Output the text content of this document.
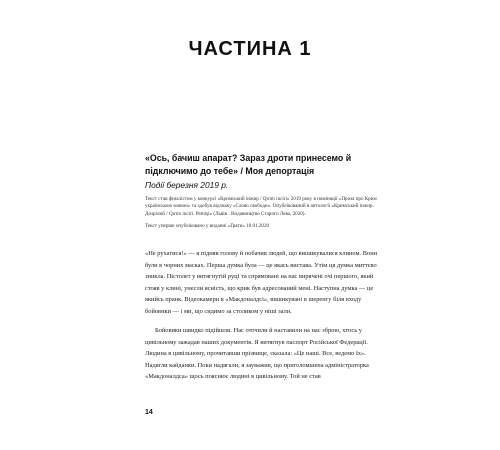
ЧАСТИНА 1
«Ось, бачиш апарат? Зараз дроти принесемо й підключимо до тебе» / Моя депортація
Події березня 2019 р.
Текст став фіналістом у конкурсі «Кримський інжир / Qırım inciri» 2019 року в номінації «Проза про Крим українською мовою» та здобув відзнаку «Слово свободи». Опублікований в антології «Кримський інжир. Дозрілий / Qırım inciri. Pemişi» (Львів : Видавництво Старого Лева, 2020).
Текст уперше опубліковано у виданні «Ґрати» 18.01.2020
«Не рухатися!» — я підняв голову й побачив людей, що вишикувалися клином. Вони були в чорних масках. Перша думка була — це якась вистава. Утім ця думка миттєво зникла. Пістолет у витягнутій руці та спрямовані на нас вирячені очі першого, який стояв у клині, унесли ясність, що крик був адресований мені. Наступна думка — це якийсь пранк. Відеокамери в «Макдоналдсі», вишикувані в шеренгу біля входу бойовики — і ми, що сидимо за столиком у ніші зали.
Бойовики швидко підійшли. Нас оточили й наставили на нас зброю, хтось у цивільному зажадав наших документів. Я витягнув паспорт Російської Федерації. Людина в цивільному, прочитавши прізвище, сказала: «Це наші. Все, ведемо їх». Надягли кайданки. Поки надягали, я зауважив, що приголомшена адміністраторка «Макдоналдса» щось пояснює людині в цивільному. Той не став
14
